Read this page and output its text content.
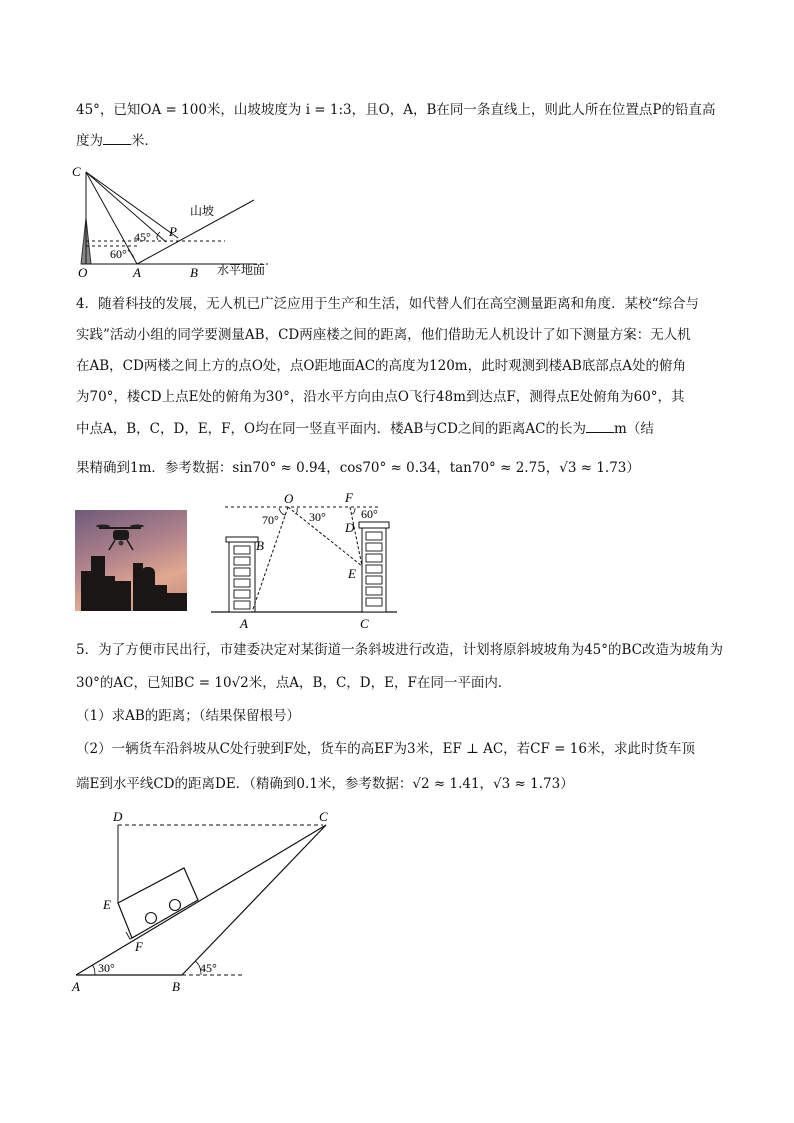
45°，已知OA = 100米，山坡坡度为 i = 1:3，且O，A，B在同一条直线上，则此人所在位置点P的铅直高
度为 米．
C
P
O	A	B
45°
60°
山坡
水平地面
4．随着科技的发展，无人机已广泛应用于生产和生活，如代替人们在高空测量距离和角度．某校“综合与
实践”活动小组的同学要测量AB，CD两座楼之间的距离，他们借助无人机设计了如下测量方案：无人机
在AB，CD两楼之间上方的点O处，点O距地面AC的高度为120m，此时观测到楼AB底部点A处的俯角
为70°，楼CD上点E处的俯角为30°，沿水平方向由点O飞行48m到达点F，测得点E处俯角为60°，其
中点A，B，C，D，E，F，O均在同一竖直平面内．楼AB与CD之间的距离AC的长为 m（结
果精确到1m．参考数据：sin70° ≈ 0.94，cos70° ≈ 0.34，tan70° ≈ 2.75，√3 ≈ 1.73）
O	F
B
D
E
A	C
70°	30°	60°
5．为了方便市民出行，市建委决定对某街道一条斜坡进行改造，计划将原斜坡坡角为45°的BC改造为坡角为
30°的AC，已知BC = 10√2米，点A，B，C，D，E，F在同一平面内．
（1）求AB的距离；（结果保留根号）
（2）一辆货车沿斜坡从C处行驶到F处，货车的高EF为3米，EF ⊥ AC，若CF = 16米，求此时货车顶
端E到水平线CD的距离DE．（精确到0.1米，参考数据：√2 ≈ 1.41，√3 ≈ 1.73）
D	C
E
F
A	B
30°	45°
